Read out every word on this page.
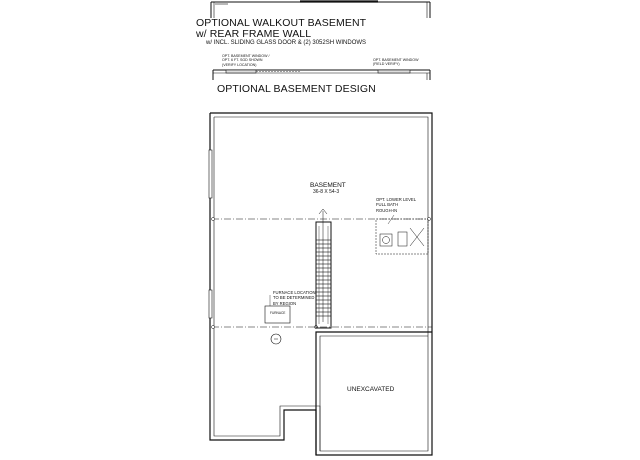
OPTIONAL WALKOUT BASEMENT
w/ REAR FRAME WALL
w/ INCL. SLIDING GLASS DOOR & (2) 3052SH WINDOWS
OPT. BASEMENT WINDOW /
OPT. 6 FT. SGD SHOWN
(VERIFY LOCATION)
OPT. BASEMENT WINDOW
(FIELD VERIFY)
OPTIONAL BASEMENT DESIGN
BASEMENT
36-8 X 54-3
UNEXCAVATED
OPT. LOWER LEVEL
FULL BATH
ROUGH-IN
FURNACE LOCATION
TO BE DETERMINED
BY REGION
FURNACE
